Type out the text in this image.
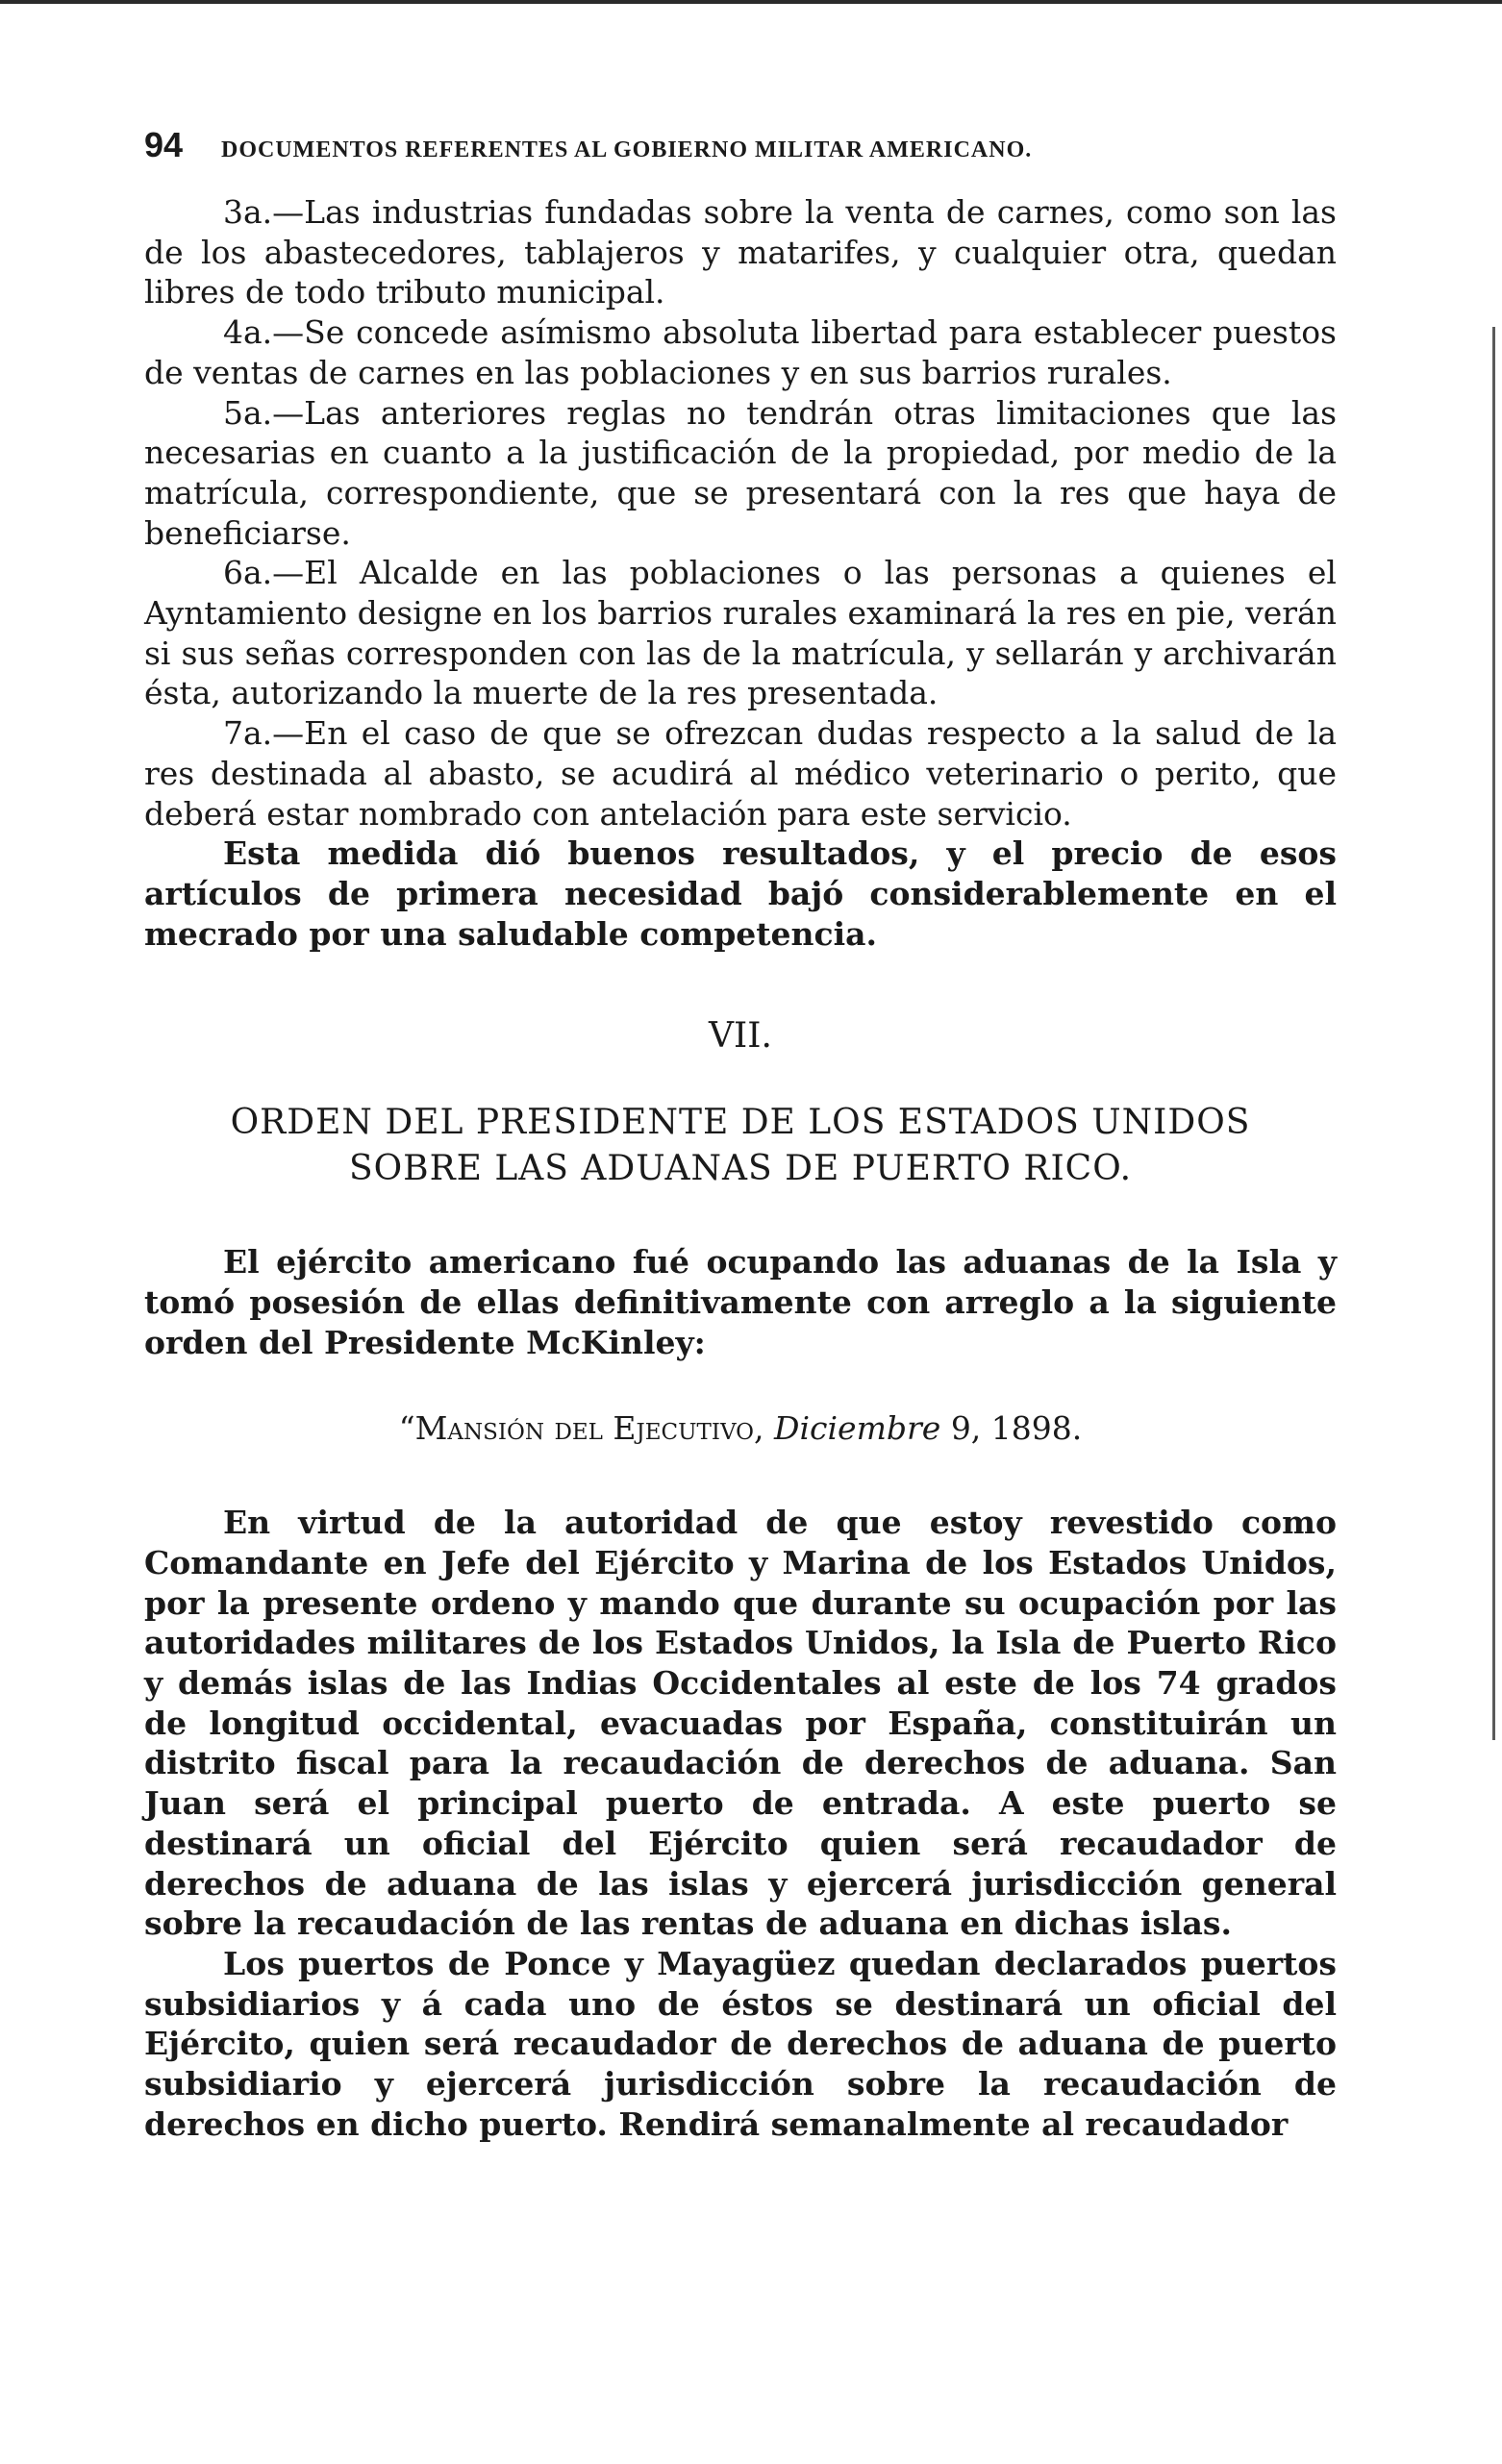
94	DOCUMENTOS REFERENTES AL GOBIERNO MILITAR AMERICANO.

3a.—Las industrias fundadas sobre la venta de carnes, como son las de los abastecedores, tablajeros y matarifes, y cualquier otra, quedan libres de todo tributo municipal.

4a.—Se concede asímismo absoluta libertad para establecer puestos de ventas de carnes en las poblaciones y en sus barrios rurales.

5a.—Las anteriores reglas no tendrán otras limitaciones que las necesarias en cuanto a la justificación de la propiedad, por medio de la matrícula, correspondiente, que se presentará con la res que haya de beneficiarse.

6a.—El Alcalde en las poblaciones o las personas a quienes el Ayntamiento designe en los barrios rurales examinará la res en pie, verán si sus señas corresponden con las de la matrícula, y sellarán y archivarán ésta, autorizando la muerte de la res presentada.

7a.—En el caso de que se ofrezcan dudas respecto a la salud de la res destinada al abasto, se acudirá al médico veterinario o perito, que deberá estar nombrado con antelación para este servicio.

Esta medida dió buenos resultados, y el precio de esos artículos de primera necesidad bajó considerablemente en el mecrado por una saludable competencia.

VII.
ORDEN DEL PRESIDENTE DE LOS ESTADOS UNIDOS
SOBRE LAS ADUANAS DE PUERTO RICO.

El ejército americano fué ocupando las aduanas de la Isla y tomó posesión de ellas definitivamente con arreglo a la siguiente orden del Presidente McKinley:

“Mansión del Ejecutivo, Diciembre 9, 1898.

En virtud de la autoridad de que estoy revestido como Comandante en Jefe del Ejército y Marina de los Estados Unidos, por la presente ordeno y mando que durante su ocupación por las autoridades militares de los Estados Unidos, la Isla de Puerto Rico y demás islas de las Indias Occidentales al este de los 74 grados de longitud occidental, evacuadas por España, constituirán un distrito fiscal para la recaudación de derechos de aduana. San Juan será el principal puerto de entrada. A este puerto se destinará un oficial del Ejército quien será recaudador de derechos de aduana de las islas y ejercerá jurisdicción general sobre la recaudación de las rentas de aduana en dichas islas.

Los puertos de Ponce y Mayagüez quedan declarados puertos subsidiarios y á cada uno de éstos se destinará un oficial del Ejército, quien será recaudador de derechos de aduana de puerto subsidiario y ejercerá jurisdicción sobre la recaudación de derechos en dicho puerto. Rendirá semanalmente al recaudador
